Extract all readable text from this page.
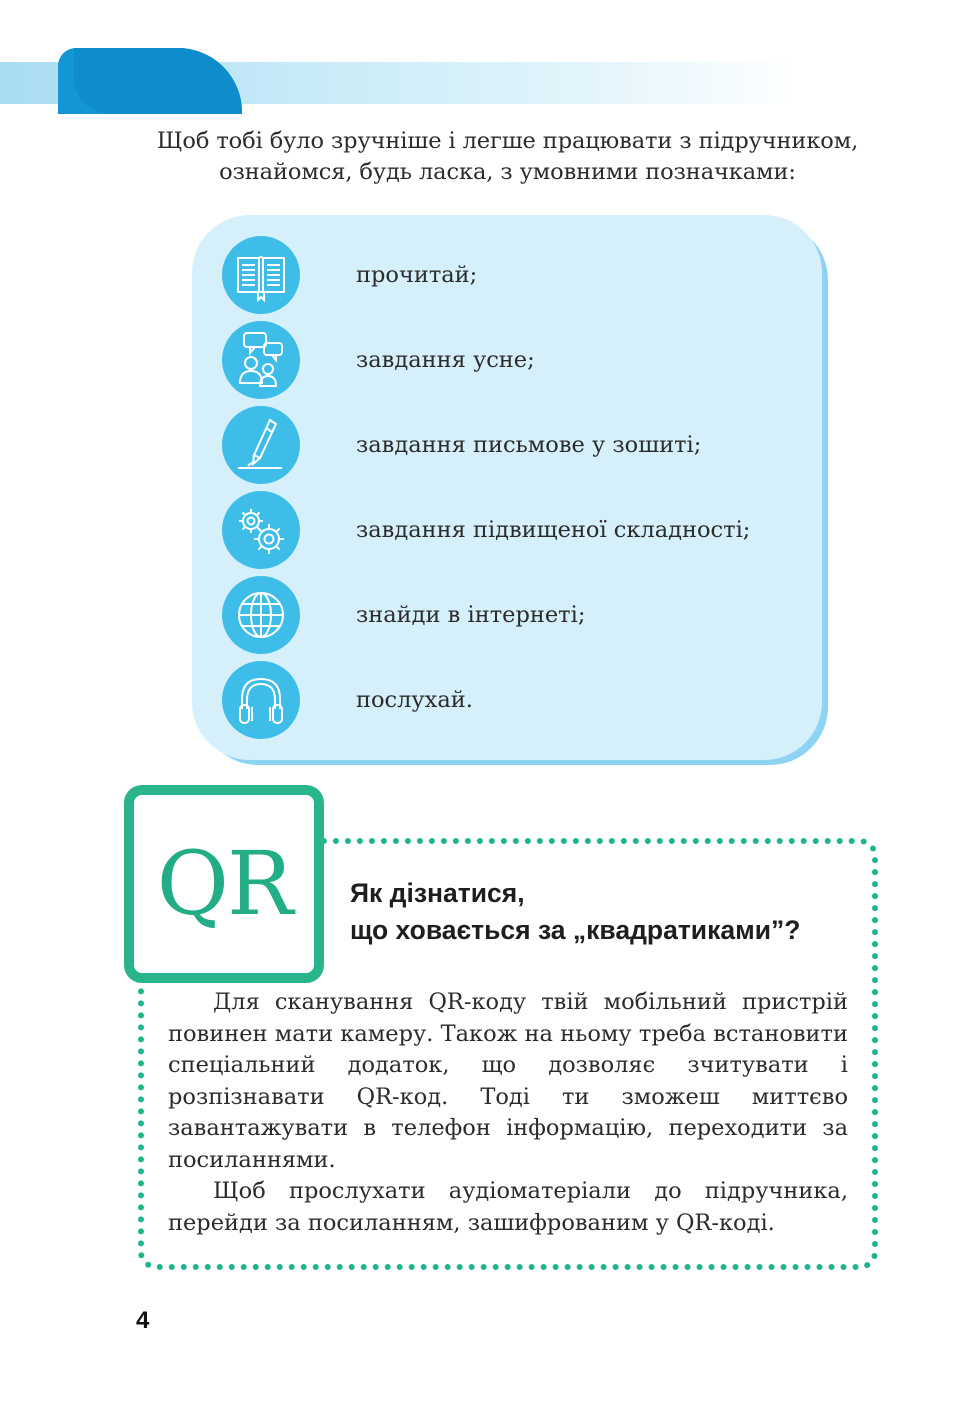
Щоб тобі було зручніше і легше працювати з підручником,
ознайомся, будь ласка, з умовними позначками:
прочитай;
завдання усне;
завдання письмове у зошиті;
завдання підвищеної складності;
знайди в інтернеті;
послухай.
QR Як дізнатися,
що ховається за „квадратиками”?

Для сканування QR-коду твій мобільний пристрій повинен мати камеру. Також на ньому треба встановити спеціальний додаток, що дозволяє зчитувати і розпізнавати QR-код. Тоді ти зможеш миттєво завантажувати в телефон інформацію, переходити за посиланнями.

Щоб прослухати аудіоматеріали до підручника, перейди за посиланням, зашифрованим у QR-коді.

4
